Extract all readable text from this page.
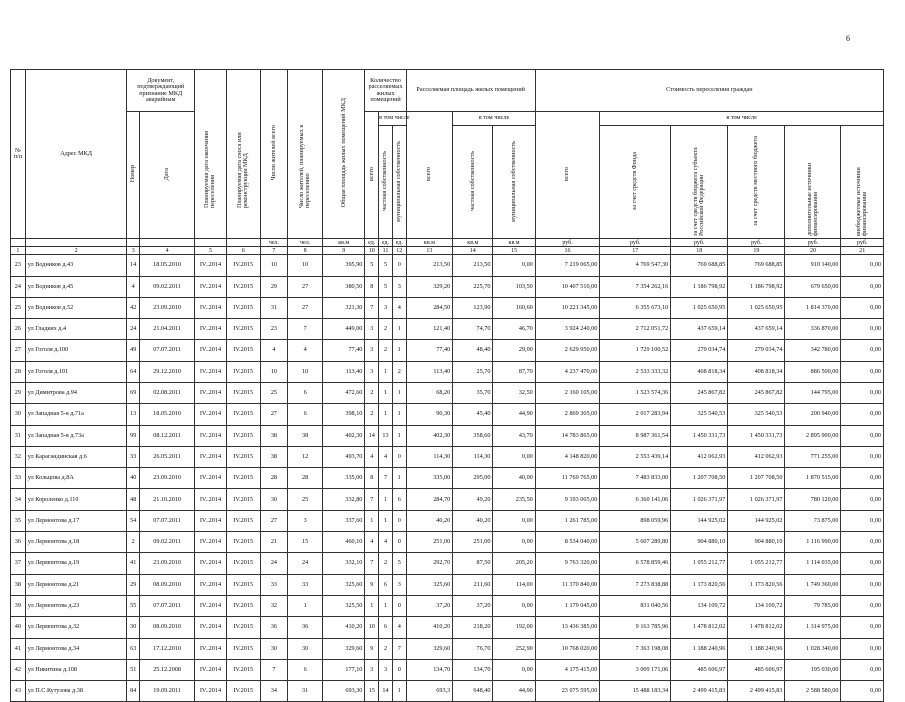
6
№ п/п	Адрес МКД	Документ, подтверждающий признание МКД аварийным		Планируемая дата окончания переселения	Планируемая дата сноса или реконструкции МКД	Число жителей всего	Число жителей, планируемых к переселению	Общая площадь жилых помещений МКД	Количество расселяемых жилых помещений			Расселяемая площадь жилых помещений			Стоимость переселения граждан					
		Номер	Дата						всего	в том числе		всего	в том числе		всего	в том числе				
										частная собственность	муниципальная собственность		частная собственность	муниципальная собственность		за счет средств Фонда	за счет средств бюджета субъекта Российской Федерации	за счет средств местного бюджета	дополнительные источники финансирования	внебюджетные источники финансирования
						чел.	чел.	кв.м	ед.	ед.	ед.	кв.м	кв.м	кв.м	руб.	руб.	руб.	руб.	руб.	руб.
1	2	3	4	5	6	7	8	9	10	11	12	13	14	15	16	17	18	19	20	21
23	ул Водников д.43	14	18.05.2010	IV..2014	IV.2015	10	10	395,90	5	5	0	213,50	213,50	0,00	7 219 065,00	4 769 547,30	769 688,85	769 688,85	910 140,00	0,00
24	ул Водников д.45	4	09.02.2011	IV..2014	IV.2015	29	27	380,50	8	5	3	329,20	225,70	103,50	10 407 510,00	7 354 262,16	1 186 798,92	1 186 798,92	679 650,00	0,00
25	ул Водников д.52	42	23.09.2010	IV..2014	IV.2015	31	27	321,30	7	3	4	284,50	123,90	160,60	10 221 345,00	6 355 673,10	1 025 650,95	1 025 650,95	1 814 370,00	0,00
26	ул Гладких д.4	24	21.04.2011	IV..2014	IV.2015	23	7	449,00	3	2	1	121,40	74,70	46,70	3 924 240,00	2 712 051,72	437 659,14	437 659,14	336 870,00	0,00
27	ул Гоголя д.100	49	07.07.2011	IV..2014	IV.2015	4	4	77,40	3	2	1	77,40	48,40	29,00	2 629 950,00	1 729 100,52	279 034,74	279 034,74	342 780,00	0,00
28	ул Гоголя д.101	64	29.12.2010	IV..2014	IV.2015	10	10	113,40	3	1	2	113,40	25,70	87,70	4 237 470,00	2 533 333,32	408 818,34	408 818,34	886 500,00	0,00
29	ул Димитрова д.94	69	02.08.2011	IV..2014	IV.2015	25	6	472,60	2	1	1	68,20	35,70	32,50	2 160 105,00	1 523 574,36	245 867,82	245 867,82	144 795,00	0,00
30	ул Западная 5-я д.71а	13	18.05.2010	IV..2014	IV.2015	27	6	398,10	2	1	1	90,30	45,40	44,90	2 869 305,00	2 017 283,94	325 540,53	325 540,53	200 940,00	0,00
31	ул Западная 5-я д.73а	99	08.12.2011	IV..2014	IV.2015	38	38	402,30	14	13	1	402,30	358,60	43,70	14 783 865,00	8 987 361,54	1 450 331,73	1 450 331,73	2 895 900,00	0,00
32	ул Карагандинская д.6	33	26.05.2011	IV..2014	IV.2015	38	12	493,70	4	4	0	114,30	114,30	0,00	4 148 820,00	2 553 439,14	412 062,93	412 062,93	771 255,00	0,00
33	ул Кольцова д.8А	40	23.09.2010	IV..2014	IV.2015	28	28	335,00	8	7	1	335,00	295,00	40,00	11 769 765,00	7 483 833,00	1 207 708,50	1 207 708,50	1 870 515,00	0,00
34	ул Короленко д.110	48	21.10.2010	IV..2014	IV.2015	30	25	332,80	7	1	6	284,70	49,20	235,50	9 193 005,00	6 360 141,06	1 026 371,97	1 026 371,97	780 120,00	0,00
35	ул Лермонтова д.17	54	07.07.2011	IV..2014	IV.2015	27	3	337,60	1	1	0	40,20	40,20	0,00	1 261 785,00	898 059,96	144 925,02	144 925,02	73 875,00	0,00
36	ул Лермонтова д.18	2	09.02.2011	IV..2014	IV.2015	21	15	460,10	4	4	0	251,00	251,00	0,00	8 534 040,00	5 607 289,80	904 880,10	904 880,10	1 116 990,00	0,00
37	ул Лермонтова д.19	41	23.09.2010	IV..2014	IV.2015	24	24	332,10	7	2	5	292,70	87,50	205,20	9 763 320,00	6 578 859,46	1 055 212,77	1 055 212,77	1 114 035,00	0,00
38	ул Лермонтова д.21	29	08.09.2010	IV..2014	IV.2015	33	33	325,60	9	6	3	325,60	211,60	114,00	11 370 840,00	7 273 838,88	1 173 820,56	1 173 820,56	1 749 360,00	0,00
39	ул Лермонтова д.23	55	07.07.2011	IV..2014	IV.2015	32	1	325,50	1	1	0	37,20	37,20	0,00	1 179 045,00	831 040,56	134 109,72	134 109,72	79 785,00	0,00
40	ул Лермонтова д.32	30	08.09.2010	IV..2014	IV.2015	36	36	410,20	10	6	4	410,20	218,20	192,00	13 436 385,00	9 163 785,96	1 478 812,02	1 478 812,02	1 314 975,00	0,00
41	ул Лермонтова д.34	63	17.12.2010	IV..2014	IV.2015	30	30	329,60	9	2	7	329,60	76,70	252,90	10 768 020,00	7 363 198,08	1 188 240,96	1 188 240,96	1 028 340,00	0,00
42	ул Никитина д.108	51	25.12.2008	IV..2014	IV.2015	7	6	177,10	3	3	0	134,70	134,70	0,00	4 175 415,00	3 009 171,06	485 606,97	485 606,97	195 030,00	0,00
43	ул П.С.Кутузова д.38	84	19.09.2011	IV..2014	IV.2015	34	31	693,30	15	14	1	693,3	648,40	44,90	23 075 595,00	15 488 183,34	2 499 415,83	2 499 415,83	2 588 580,00	0,00
